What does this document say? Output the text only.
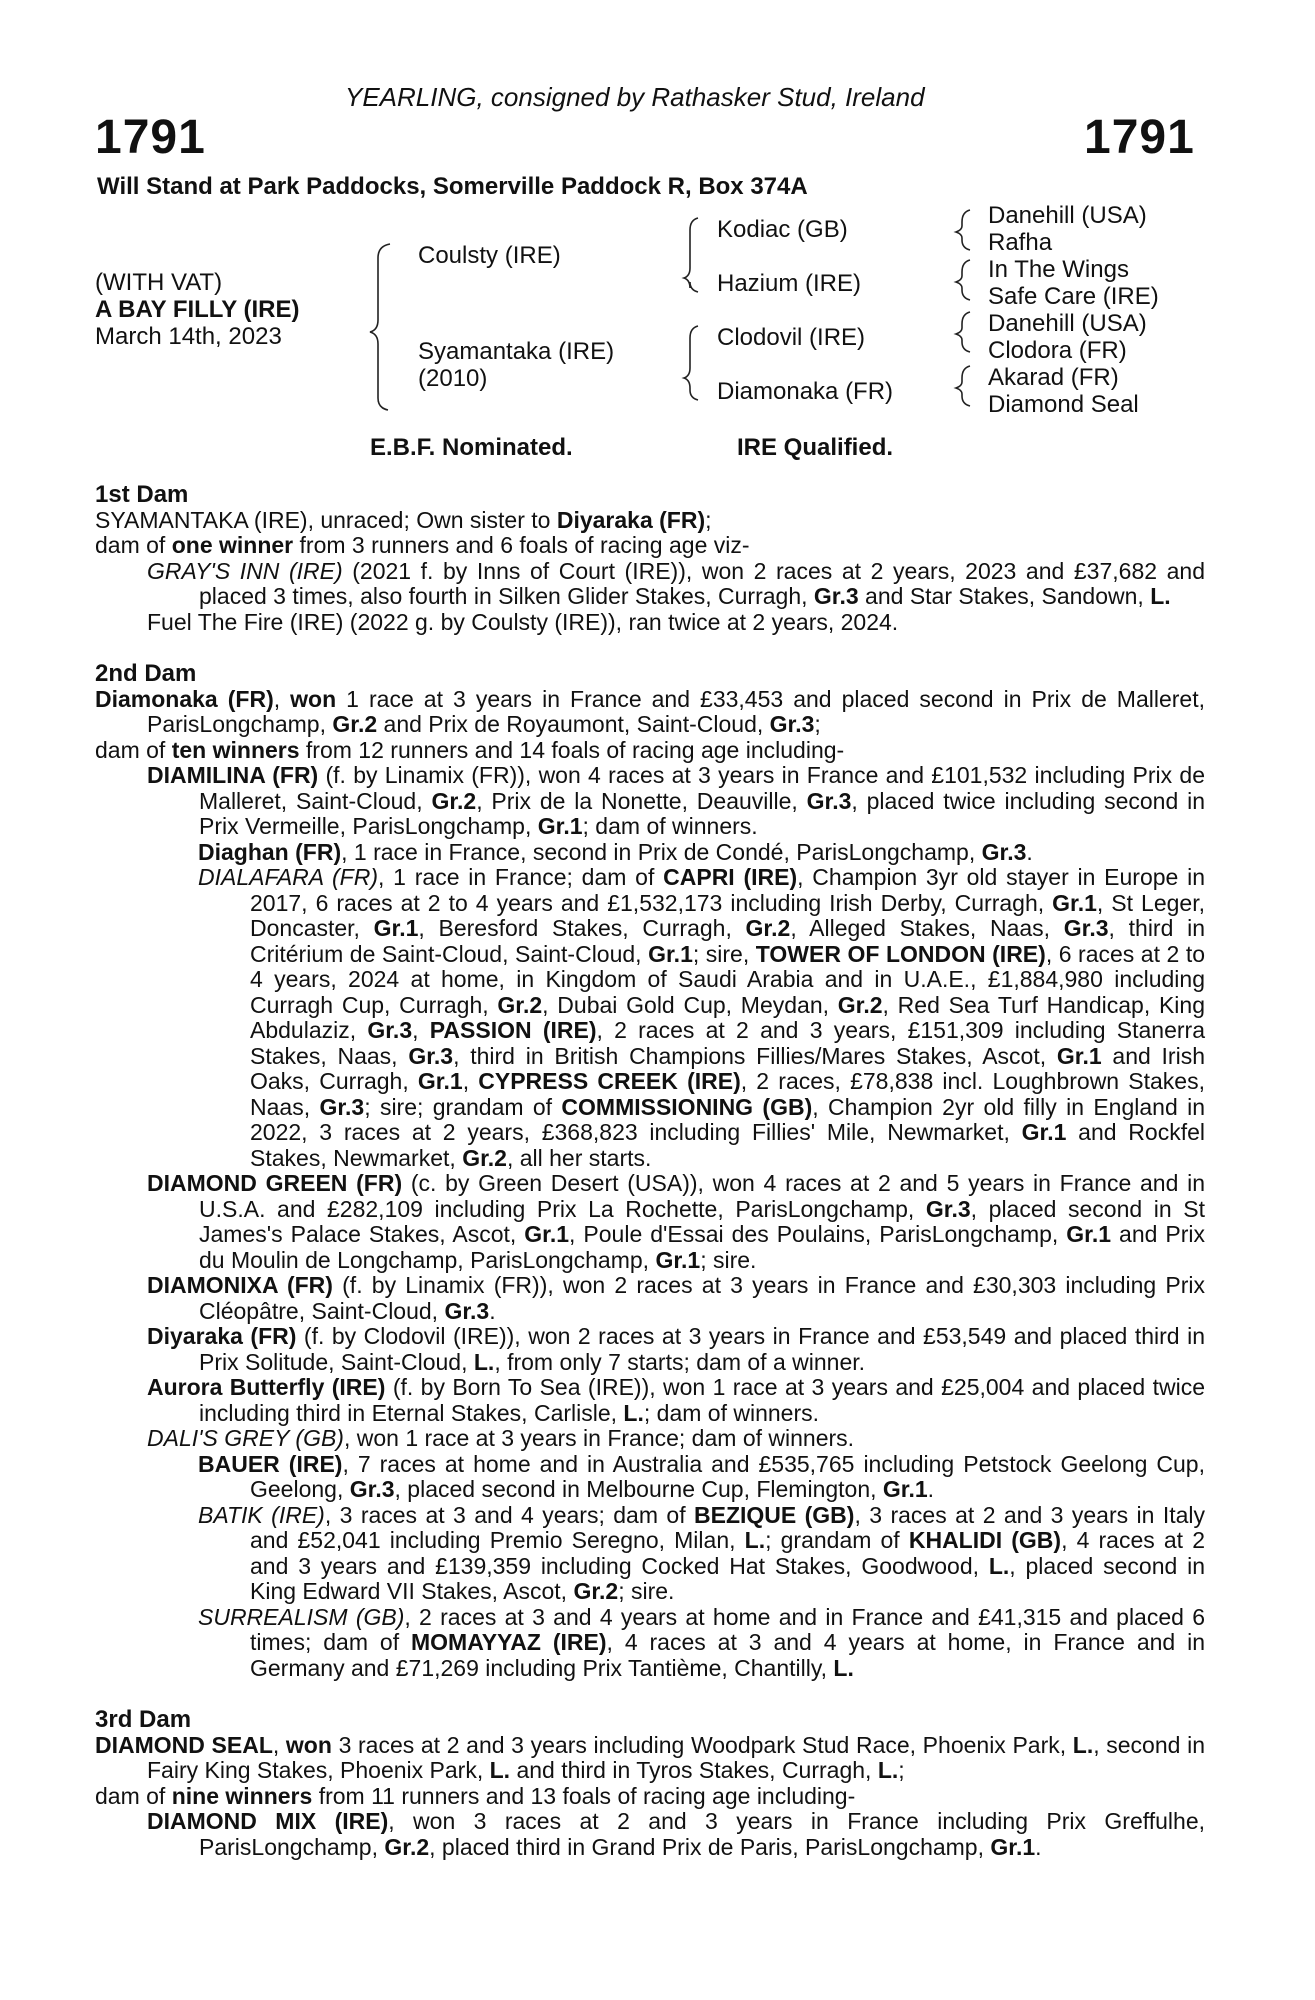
YEARLING, consigned by Rathasker Stud, Ireland
1791	1791
Will Stand at Park Paddocks, Somerville Paddock R, Box 374A
(WITH VAT)
A BAY FILLY (IRE)
March 14th, 2023
Coulsty (IRE)
Syamantaka (IRE)
(2010)
Kodiac (GB)
Hazium (IRE)
Clodovil (IRE)
Diamonaka (FR)
Danehill (USA)
Rafha
In The Wings
Safe Care (IRE)
Danehill (USA)
Clodora (FR)
Akarad (FR)
Diamond Seal
E.B.F. Nominated.	IRE Qualified.

1st Dam

SYAMANTAKA (IRE), unraced; Own sister to Diyaraka (FR);

dam of one winner from 3 runners and 6 foals of racing age viz-

GRAY'S INN (IRE) (2021 f. by Inns of Court (IRE)), won 2 races at 2 years, 2023 and £37,682 and placed 3 times, also fourth in Silken Glider Stakes, Curragh, Gr.3 and Star Stakes, Sandown, L.

Fuel The Fire (IRE) (2022 g. by Coulsty (IRE)), ran twice at 2 years, 2024.

2nd Dam

Diamonaka (FR), won 1 race at 3 years in France and £33,453 and placed second in Prix de Malleret, ParisLongchamp, Gr.2 and Prix de Royaumont, Saint-Cloud, Gr.3;

dam of ten winners from 12 runners and 14 foals of racing age including-

DIAMILINA (FR) (f. by Linamix (FR)), won 4 races at 3 years in France and £101,532 including Prix de Malleret, Saint-Cloud, Gr.2, Prix de la Nonette, Deauville, Gr.3, placed twice including second in Prix Vermeille, ParisLongchamp, Gr.1; dam of winners.

Diaghan (FR), 1 race in France, second in Prix de Condé, ParisLongchamp, Gr.3.

DIALAFARA (FR), 1 race in France; dam of CAPRI (IRE), Champion 3yr old stayer in Europe in 2017, 6 races at 2 to 4 years and £1,532,173 including Irish Derby, Curragh, Gr.1, St Leger, Doncaster, Gr.1, Beresford Stakes, Curragh, Gr.2, Alleged Stakes, Naas, Gr.3, third in Critérium de Saint-Cloud, Saint-Cloud, Gr.1; sire, TOWER OF LONDON (IRE), 6 races at 2 to 4 years, 2024 at home, in Kingdom of Saudi Arabia and in U.A.E., £1,884,980 including Curragh Cup, Curragh, Gr.2, Dubai Gold Cup, Meydan, Gr.2, Red Sea Turf Handicap, King Abdulaziz, Gr.3, PASSION (IRE), 2 races at 2 and 3 years, £151,309 including Stanerra Stakes, Naas, Gr.3, third in British Champions Fillies/Mares Stakes, Ascot, Gr.1 and Irish Oaks, Curragh, Gr.1, CYPRESS CREEK (IRE), 2 races, £78,838 incl. Loughbrown Stakes, Naas, Gr.3; sire; grandam of COMMISSIONING (GB), Champion 2yr old filly in England in 2022, 3 races at 2 years, £368,823 including Fillies' Mile, Newmarket, Gr.1 and Rockfel Stakes, Newmarket, Gr.2, all her starts.

DIAMOND GREEN (FR) (c. by Green Desert (USA)), won 4 races at 2 and 5 years in France and in U.S.A. and £282,109 including Prix La Rochette, ParisLongchamp, Gr.3, placed second in St James's Palace Stakes, Ascot, Gr.1, Poule d'Essai des Poulains, ParisLongchamp, Gr.1 and Prix du Moulin de Longchamp, ParisLongchamp, Gr.1; sire.

DIAMONIXA (FR) (f. by Linamix (FR)), won 2 races at 3 years in France and £30,303 including Prix Cléopâtre, Saint-Cloud, Gr.3.

Diyaraka (FR) (f. by Clodovil (IRE)), won 2 races at 3 years in France and £53,549 and placed third in Prix Solitude, Saint-Cloud, L., from only 7 starts; dam of a winner.

Aurora Butterfly (IRE) (f. by Born To Sea (IRE)), won 1 race at 3 years and £25,004 and placed twice including third in Eternal Stakes, Carlisle, L.; dam of winners.

DALI'S GREY (GB), won 1 race at 3 years in France; dam of winners.

BAUER (IRE), 7 races at home and in Australia and £535,765 including Petstock Geelong Cup, Geelong, Gr.3, placed second in Melbourne Cup, Flemington, Gr.1.

BATIK (IRE), 3 races at 3 and 4 years; dam of BEZIQUE (GB), 3 races at 2 and 3 years in Italy and £52,041 including Premio Seregno, Milan, L.; grandam of KHALIDI (GB), 4 races at 2 and 3 years and £139,359 including Cocked Hat Stakes, Goodwood, L., placed second in King Edward VII Stakes, Ascot, Gr.2; sire.

SURREALISM (GB), 2 races at 3 and 4 years at home and in France and £41,315 and placed 6 times; dam of MOMAYYAZ (IRE), 4 races at 3 and 4 years at home, in France and in Germany and £71,269 including Prix Tantième, Chantilly, L.

3rd Dam

DIAMOND SEAL, won 3 races at 2 and 3 years including Woodpark Stud Race, Phoenix Park, L., second in Fairy King Stakes, Phoenix Park, L. and third in Tyros Stakes, Curragh, L.;

dam of nine winners from 11 runners and 13 foals of racing age including-

DIAMOND MIX (IRE), won 3 races at 2 and 3 years in France including Prix Greffulhe, ParisLongchamp, Gr.2, placed third in Grand Prix de Paris, ParisLongchamp, Gr.1.
